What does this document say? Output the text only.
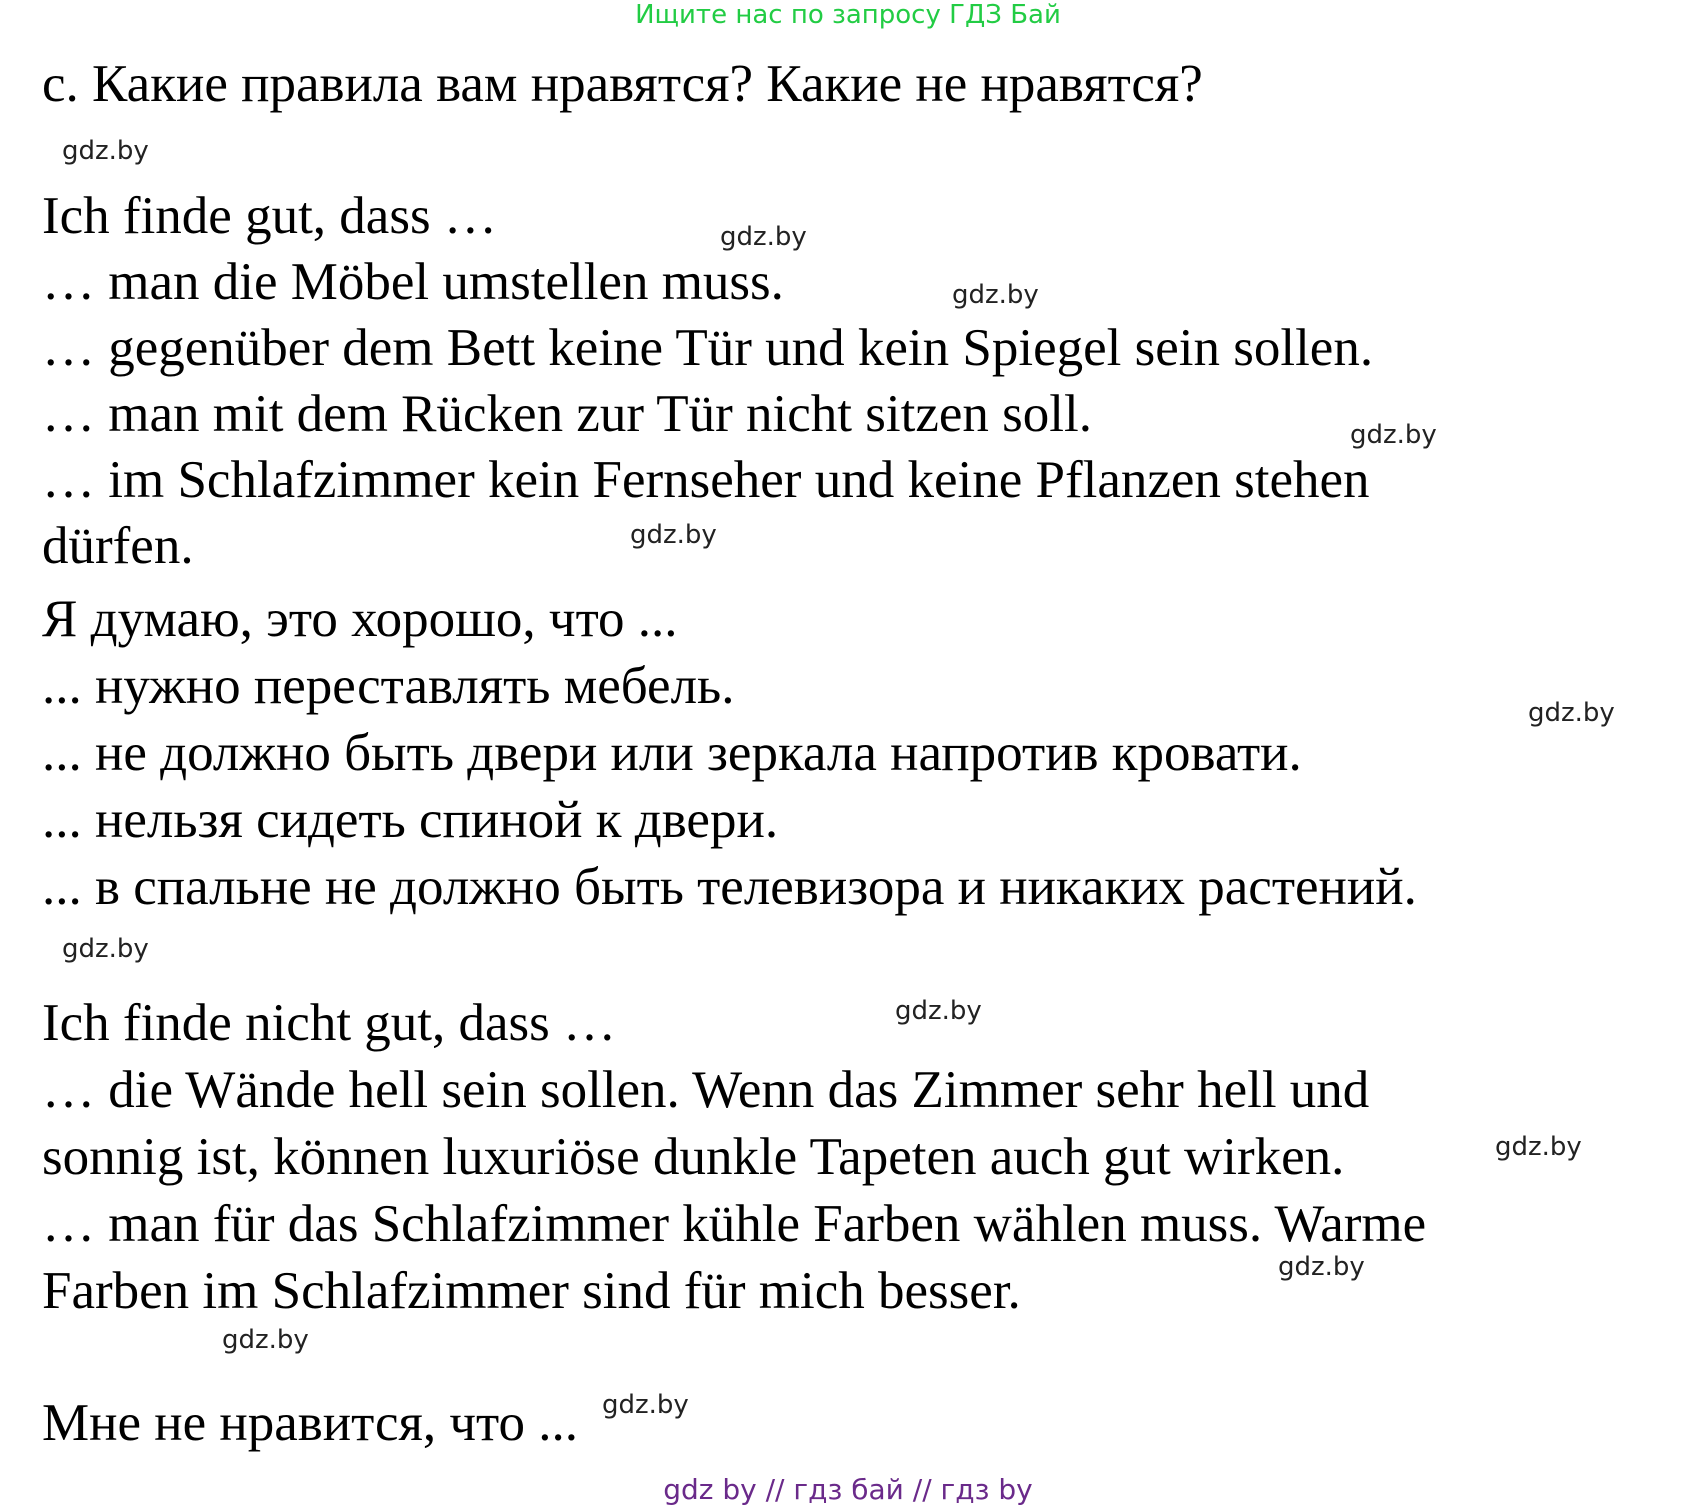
Ищите нас по запросу ГДЗ Бай
с. Какие правила вам нравятся? Какие не нравятся?
Ich finde gut, dass …
… man die Möbel umstellen muss.
… gegenüber dem Bett keine Tür und kein Spiegel sein sollen.
… man mit dem Rücken zur Tür nicht sitzen soll.
… im Schlafzimmer kein Fernseher und keine Pflanzen stehen
dürfen.
Я думаю, это хорошо, что ...
... нужно переставлять мебель.
... не должно быть двери или зеркала напротив кровати.
... нельзя сидеть спиной к двери.
... в спальне не должно быть телевизора и никаких растений.
Ich finde nicht gut, dass …
… die Wände hell sein sollen. Wenn das Zimmer sehr hell und
sonnig ist, können luxuriöse dunkle Tapeten auch gut wirken.
… man für das Schlafzimmer kühle Farben wählen muss. Warme
Farben im Schlafzimmer sind für mich besser.
Мне не нравится, что ...
gdz.by
gdz.by
gdz.by
gdz.by
gdz.by
gdz.by
gdz.by
gdz.by
gdz.by
gdz.by
gdz.by
gdz.by
gdz by // гдз бай // гдз by
